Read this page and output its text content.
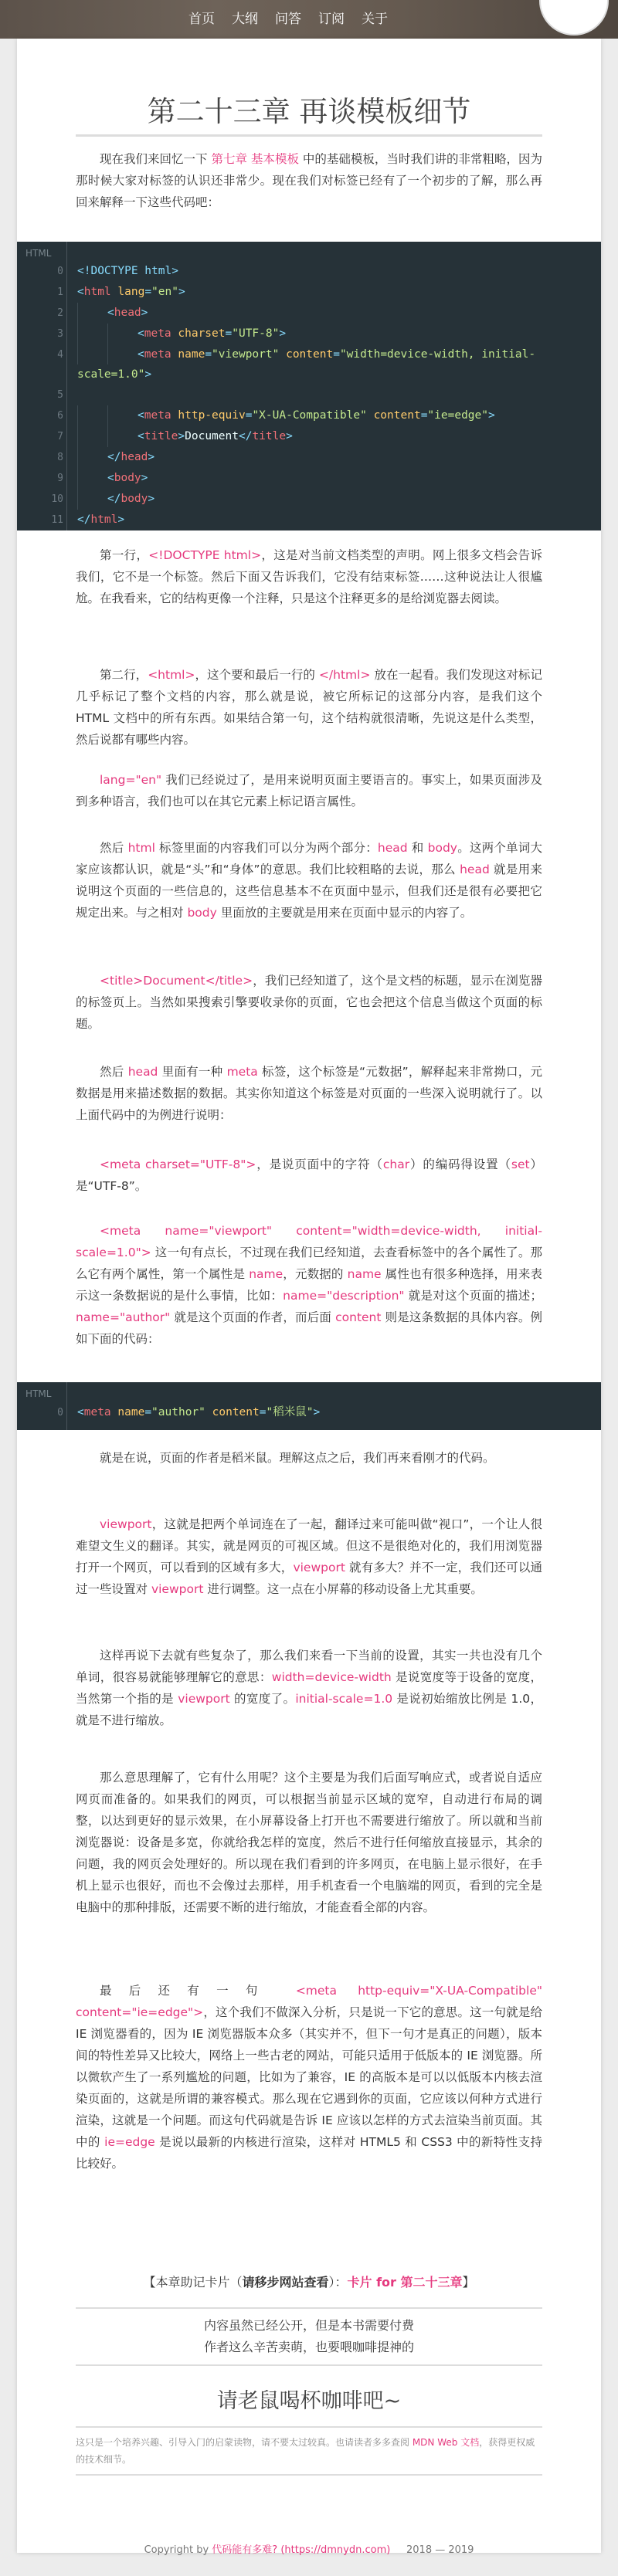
首页	大纲	问答	订阅	关于
第二十三章 再谈模板细节

现在我们来回忆一下 第七章 基本模板 中的基础模板，当时我们讲的非常粗略，因为那时候大家对标签的认识还非常少。现在我们对标签已经有了一个初步的了解，那么再回来解释一下这些代码吧：

HTML
0 <!DOCTYPE html>
1 <html lang="en">
2	<head>
3	<meta charset="UTF-8">
4	<meta name="viewport" content="width=device-width, initial-scale=1.0">
5
6	<meta http-equiv="X-UA-Compatible" content="ie=edge">
7	<title>Document</title>
8	</head>
9	<body>
10	</body>
11 </html>

第一行，<!DOCTYPE html>，这是对当前文档类型的声明。网上很多文档会告诉我们，它不是一个标签。然后下面又告诉我们，它没有结束标签……这种说法让人很尴尬。在我看来，它的结构更像一个注释，只是这个注释更多的是给浏览器去阅读。

第二行，<html>，这个要和最后一行的 </html> 放在一起看。我们发现这对标记几乎标记了整个文档的内容，那么就是说，被它所标记的这部分内容，是我们这个 HTML 文档中的所有东西。如果结合第一句，这个结构就很清晰，先说这是什么类型，然后说都有哪些内容。

lang="en" 我们已经说过了，是用来说明页面主要语言的。事实上，如果页面涉及到多种语言，我们也可以在其它元素上标记语言属性。

然后 html 标签里面的内容我们可以分为两个部分：head 和 body。这两个单词大家应该都认识，就是“头”和“身体”的意思。我们比较粗略的去说，那么 head 就是用来说明这个页面的一些信息的，这些信息基本不在页面中显示，但我们还是很有必要把它规定出来。与之相对 body 里面放的主要就是用来在页面中显示的内容了。

<title>Document</title>，我们已经知道了，这个是文档的标题，显示在浏览器的标签页上。当然如果搜索引擎要收录你的页面，它也会把这个信息当做这个页面的标题。

然后 head 里面有一种 meta 标签，这个标签是“元数据”，解释起来非常拗口，元数据是用来描述数据的数据。其实你知道这个标签是对页面的一些深入说明就行了。以上面代码中的为例进行说明：

<meta charset="UTF-8">，是说页面中的字符（char）的编码得设置（set）是“UTF-8”。

<meta name="viewport" content="width=device-width, initial-scale=1.0"> 这一句有点长，不过现在我们已经知道，去查看标签中的各个属性了。那么它有两个属性，第一个属性是 name，元数据的 name 属性也有很多种选择，用来表示这一条数据说的是什么事情，比如：name="description" 就是对这个页面的描述；name="author" 就是这个页面的作者，而后面 content 则是这条数据的具体内容。例如下面的代码：

HTML
0 <meta name="author" content="稻米鼠">

就是在说，页面的作者是稻米鼠。理解这点之后，我们再来看刚才的代码。

viewport，这就是把两个单词连在了一起，翻译过来可能叫做“视口”，一个让人很难望文生义的翻译。其实，就是网页的可视区域。但这不是很绝对化的，我们用浏览器打开一个网页，可以看到的区域有多大，viewport 就有多大？并不一定，我们还可以通过一些设置对 viewport 进行调整。这一点在小屏幕的移动设备上尤其重要。

这样再说下去就有些复杂了，那么我们来看一下当前的设置，其实一共也没有几个单词，很容易就能够理解它的意思：width=device-width 是说宽度等于设备的宽度，当然第一个指的是 viewport 的宽度了。initial-scale=1.0 是说初始缩放比例是 1.0，就是不进行缩放。

那么意思理解了，它有什么用呢？这个主要是为我们后面写响应式，或者说自适应网页而准备的。如果我们的网页，可以根据当前显示区域的宽窄，自动进行布局的调整，以达到更好的显示效果，在小屏幕设备上打开也不需要进行缩放了。所以就和当前浏览器说：设备是多宽，你就给我怎样的宽度，然后不进行任何缩放直接显示，其余的问题，我的网页会处理好的。所以现在我们看到的许多网页，在电脑上显示很好，在手机上显示也很好，而也不会像过去那样，用手机查看一个电脑端的网页，看到的完全是电脑中的那种排版，还需要不断的进行缩放，才能查看全部的内容。

最后还有一句 <meta http-equiv="X-UA-Compatible" content="ie=edge">，这个我们不做深入分析，只是说一下它的意思。这一句就是给 IE 浏览器看的，因为 IE 浏览器版本众多（其实并不，但下一句才是真正的问题），版本间的特性差异又比较大，网络上一些古老的网站，可能只适用于低版本的 IE 浏览器。所以微软产生了一系列尴尬的问题，比如为了兼容，IE 的高版本是可以以低版本内核去渲染页面的，这就是所谓的兼容模式。那么现在它遇到你的页面，它应该以何种方式进行渲染，这就是一个问题。而这句代码就是告诉 IE 应该以怎样的方式去渲染当前页面。其中的 ie=edge 是说以最新的内核进行渲染，这样对 HTML5 和 CSS3 中的新特性支持比较好。

【本章助记卡片（请移步网站查看）：卡片 for 第二十三章】
内容虽然已经公开，但是本书需要付费
作者这么辛苦卖萌，也要喂咖啡提神的
请老鼠喝杯咖啡吧~
这只是一个培养兴趣、引导入门的启蒙读物，请不要太过较真。也请读者多多查阅 MDN Web 文档，获得更权威的技术细节。
Copyright by 代码能有多难? (https://dmnydn.com) 2018 — 2019
